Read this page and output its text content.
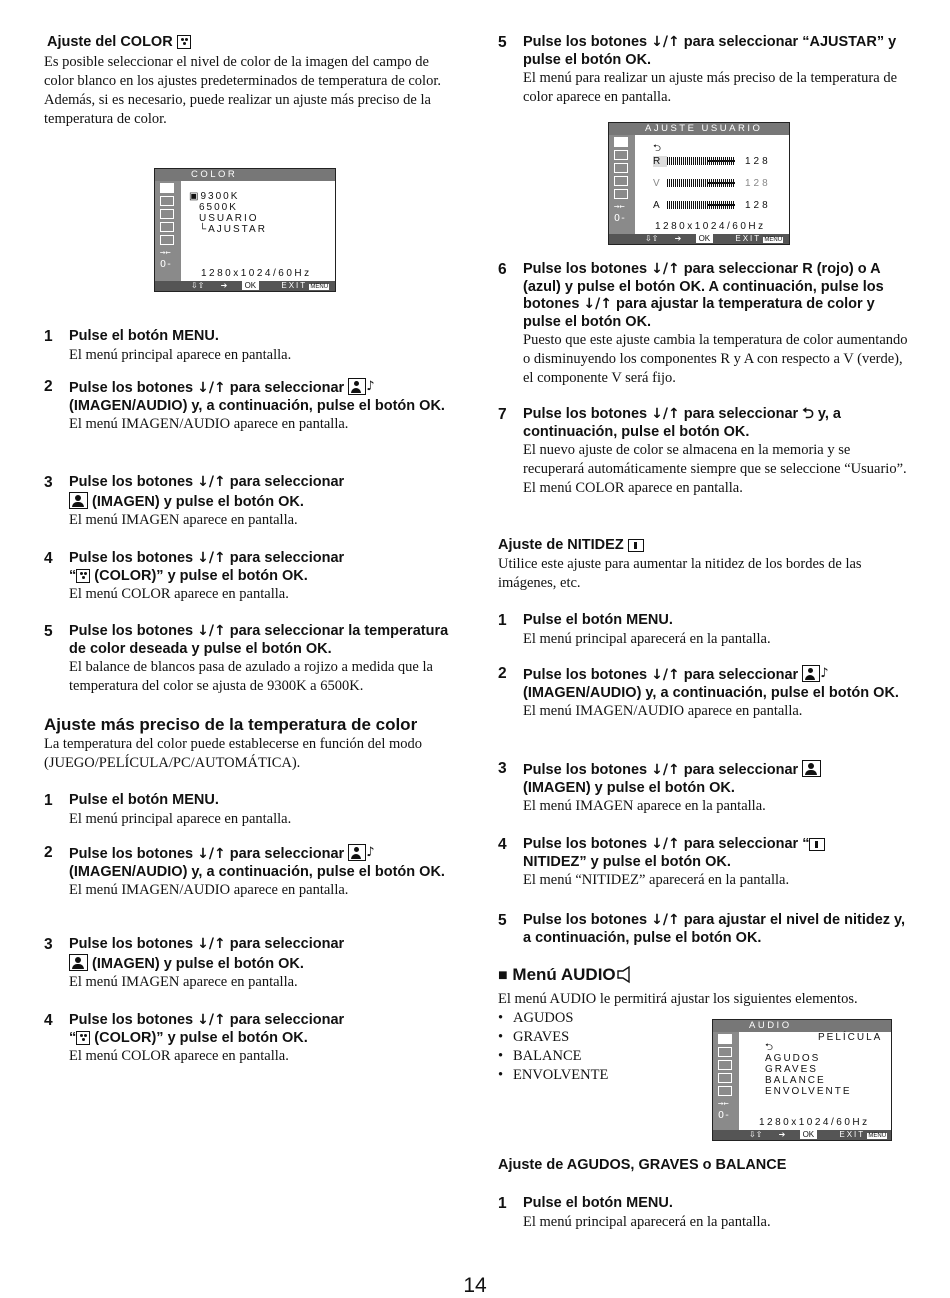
Ajuste del COLOR
Es posible seleccionar el nivel de color de la imagen del campo de color blanco en los ajustes predeterminados de temperatura de color.
Además, si es necesario, puede realizar un ajuste más preciso de la temperatura de color.
COLOR
→←
O‑
▣9300K
6500K
USUARIO
└AJUSTAR
1280x1024/60Hz
⇩⇧ ➔ OK	EXIT MENU
1 Pulse el botón MENU.
El menú principal aparece en pantalla.
2 Pulse los botones ↓/↑ para seleccionar ♪
(IMAGEN/AUDIO) y, a continuación, pulse el botón OK.
El menú IMAGEN/AUDIO aparece en pantalla.
3 Pulse los botones ↓/↑ para seleccionar
(IMAGEN) y pulse el botón OK.
El menú IMAGEN aparece en pantalla.
4 Pulse los botones ↓/↑ para seleccionar
“ (COLOR)” y pulse el botón OK.
El menú COLOR aparece en pantalla.
5 Pulse los botones ↓/↑ para seleccionar la temperatura de color deseada y pulse el botón OK.
El balance de blancos pasa de azulado a rojizo a medida que la temperatura del color se ajusta de 9300K a 6500K.
Ajuste más preciso de la temperatura de color
La temperatura del color puede establecerse en función del modo (JUEGO/PELÍCULA/PC/AUTOMÁTICA).
1 Pulse el botón MENU.
El menú principal aparece en pantalla.
2 Pulse los botones ↓/↑ para seleccionar ♪
(IMAGEN/AUDIO) y, a continuación, pulse el botón OK.
El menú IMAGEN/AUDIO aparece en pantalla.
3 Pulse los botones ↓/↑ para seleccionar
(IMAGEN) y pulse el botón OK.
El menú IMAGEN aparece en pantalla.
4 Pulse los botones ↓/↑ para seleccionar
“ (COLOR)” y pulse el botón OK.
El menú COLOR aparece en pantalla.
5 Pulse los botones ↓/↑ para seleccionar “AJUSTAR” y pulse el botón OK.
El menú para realizar un ajuste más preciso de la temperatura de color aparece en pantalla.
AJUSTE USUARIO
→←
O‑
⮌
R	128
V	128
A	128
1280x1024/60Hz
⇩⇧ ➔ OK	EXIT MENU
6 Pulse los botones ↓/↑ para seleccionar R (rojo) o A (azul) y pulse el botón OK. A continuación, pulse los botones ↓/↑ para ajustar la temperatura de color y pulse el botón OK.
Puesto que este ajuste cambia la temperatura de color aumentando o disminuyendo los componentes R y A con respecto a V (verde), el componente V será fijo.
7 Pulse los botones ↓/↑ para seleccionar ⮌ y, a continuación, pulse el botón OK.
El nuevo ajuste de color se almacena en la memoria y se recuperará automáticamente siempre que se seleccione “Usuario”.
El menú COLOR aparece en pantalla.
Ajuste de NITIDEZ
Utilice este ajuste para aumentar la nitidez de los bordes de las imágenes, etc.
1 Pulse el botón MENU.
El menú principal aparecerá en la pantalla.
2 Pulse los botones ↓/↑ para seleccionar ♪
(IMAGEN/AUDIO) y, a continuación, pulse el botón OK.
El menú IMAGEN/AUDIO aparece en pantalla.
3 Pulse los botones ↓/↑ para seleccionar
(IMAGEN) y pulse el botón OK.
El menú IMAGEN aparece en la pantalla.
4 Pulse los botones ↓/↑ para seleccionar “
NITIDEZ” y pulse el botón OK.
El menú “NITIDEZ” aparecerá en la pantalla.
5 Pulse los botones ↓/↑ para ajustar el nivel de nitidez y, a continuación, pulse el botón OK.
■ Menú AUDIO
El menú AUDIO le permitirá ajustar los siguientes elementos.
• AGUDOS
• GRAVES
• BALANCE
• ENVOLVENTE
AUDIO
→←
O‑
PELÍCULA
⮌
AGUDOS
GRAVES
BALANCE
ENVOLVENTE
1280x1024/60Hz
⇩⇧ ➔ OK	EXIT MENU
Ajuste de AGUDOS, GRAVES o BALANCE
1 Pulse el botón MENU.
El menú principal aparecerá en la pantalla.
14
